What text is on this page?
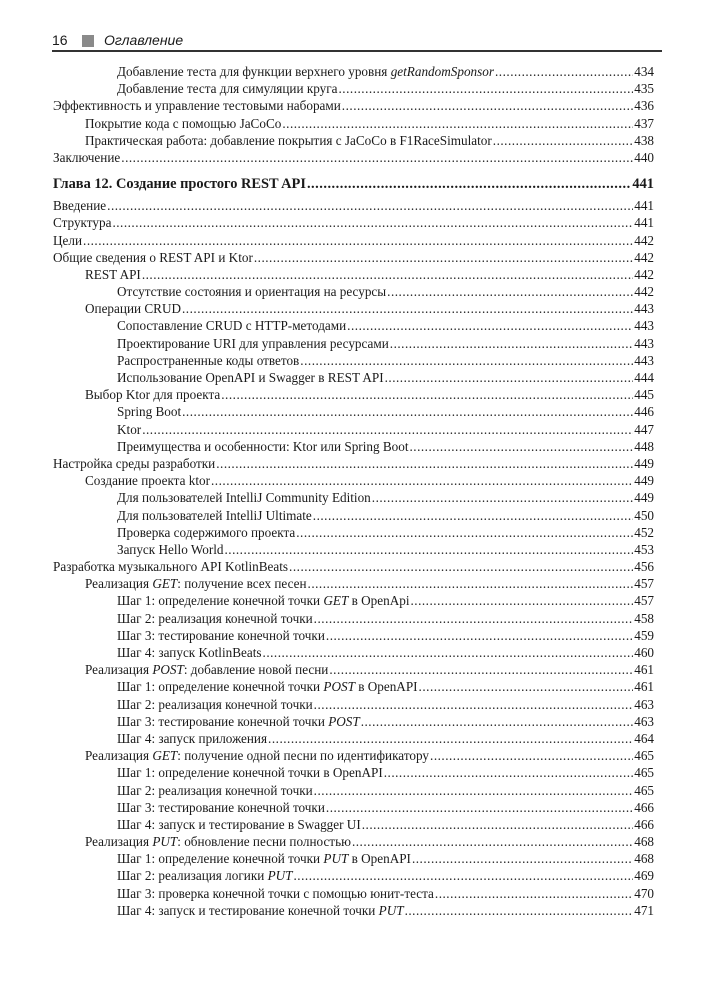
16	Оглавление
Добавление теста для функции верхнего уровня getRandomSponsor .....	434
Добавление теста для симуляции круга .....	435
Эффективность и управление тестовыми наборами .....	436
Покрытие кода с помощью JaCoCo .....	437
Практическая работа: добавление покрытия с JaCoCo в F1RaceSimulator .....	438
Заключение .....	440
Глава 12. Создание простого REST API .....	441
Введение .....	441
Структура .....	441
Цели .....	442
Общие сведения о REST API и Ktor .....	442
REST API .....	442
Отсутствие состояния и ориентация на ресурсы .....	442
Операции CRUD .....	443
Сопоставление CRUD с HTTP-методами .....	443
Проектирование URI для управления ресурсами .....	443
Распространенные коды ответов .....	443
Использование OpenAPI и Swagger в REST API .....	444
Выбор Ktor для проекта .....	445
Spring Boot .....	446
Ktor .....	447
Преимущества и особенности: Ktor или Spring Boot .....	448
Настройка среды разработки .....	449
Создание проекта ktor .....	449
Для пользователей IntelliJ Community Edition .....	449
Для пользователей IntelliJ Ultimate .....	450
Проверка содержимого проекта .....	452
Запуск Hello World .....	453
Разработка музыкального API KotlinBeats .....	456
Реализация GET: получение всех песен .....	457
Шаг 1: определение конечной точки GET в OpenApi .....	457
Шаг 2: реализация конечной точки .....	458
Шаг 3: тестирование конечной точки .....	459
Шаг 4: запуск KotlinBeats .....	460
Реализация POST: добавление новой песни .....	461
Шаг 1: определение конечной точки POST в OpenAPI .....	461
Шаг 2: реализация конечной точки .....	463
Шаг 3: тестирование конечной точки POST .....	463
Шаг 4: запуск приложения .....	464
Реализация GET: получение одной песни по идентификатору .....	465
Шаг 1: определение конечной точки в OpenAPI .....	465
Шаг 2: реализация конечной точки .....	465
Шаг 3: тестирование конечной точки .....	466
Шаг 4: запуск и тестирование в Swagger UI .....	466
Реализация PUT: обновление песни полностью .....	468
Шаг 1: определение конечной точки PUT в OpenAPI .....	468
Шаг 2: реализация логики PUT .....	469
Шаг 3: проверка конечной точки с помощью юнит-теста .....	470
Шаг 4: запуск и тестирование конечной точки PUT .....	471
